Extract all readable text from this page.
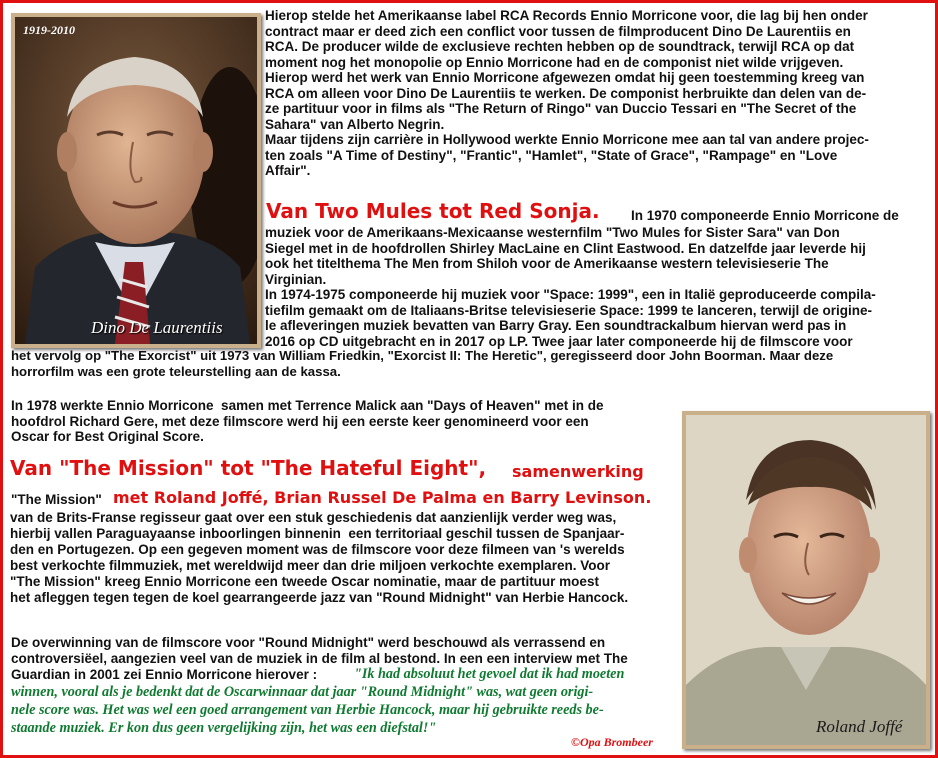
1919-2010
Dino De Laurentiis
Roland Joffé

Hierop stelde het Amerikaanse label RCA Records Ennio Morricone voor, die lag bij hen onder
contract maar er deed zich een conflict voor tussen de filmproducent Dino De Laurentiis en
RCA. De producer wilde de exclusieve rechten hebben op de soundtrack, terwijl RCA op dat
moment nog het monopolie op Ennio Morricone had en de componist niet wilde vrijgeven.
Hierop werd het werk van Ennio Morricone afgewezen omdat hij geen toestemming kreeg van
RCA om alleen voor Dino De Laurentiis te werken. De componist herbruikte dan delen van de-
ze partituur voor in films als "The Return of Ringo" van Duccio Tessari en "The Secret of the
Sahara" van Alberto Negrin.
Maar tijdens zijn carrière in Hollywood werkte Ennio Morricone mee aan tal van andere projec-
ten zoals "A Time of Destiny", "Frantic", "Hamlet", "State of Grace", "Rampage" en "Love
Affair".

Van Two Mules tot Red Sonja. In 1970 componeerde Ennio Morricone de

muziek voor de Amerikaans-Mexicaanse westernfilm "Two Mules for Sister Sara" van Don
Siegel met in de hoofdrollen Shirley MacLaine en Clint Eastwood. En datzelfde jaar leverde hij
ook het titelthema The Men from Shiloh voor de Amerikaanse western televisieserie The
Virginian.
In 1974-1975 componeerde hij muziek voor "Space: 1999", een in Italië geproduceerde compila-
tiefilm gemaakt om de Italiaans-Britse televisieserie Space: 1999 te lanceren, terwijl de origine-
le afleveringen muziek bevatten van Barry Gray. Een soundtrackalbum hiervan werd pas in
2016 op CD uitgebracht en in 2017 op LP. Twee jaar later componeerde hij de filmscore voor

het vervolg op "The Exorcist" uit 1973 van William Friedkin, "Exorcist II: The Heretic", geregisseerd door John Boorman. Maar deze
horrorfilm was een grote teleurstelling aan de kassa.

In 1978 werkte Ennio Morricone  samen met Terrence Malick aan "Days of Heaven" met in de
hoofdrol Richard Gere, met deze filmscore werd hij een eerste keer genomineerd voor een
Oscar for Best Original Score.

Van "The Mission" tot "The Hateful Eight", samenwerking

"The Mission" met Roland Joffé, Brian Russel De Palma en Barry Levinson.

van de Brits-Franse regisseur gaat over een stuk geschiedenis dat aanzienlijk verder weg was,
hierbij vallen Paraguayaanse inboorlingen binnenin  een territoriaal geschil tussen de Spanjaar-
den en Portugezen. Op een gegeven moment was de filmscore voor deze filmeen van 's werelds
best verkochte filmmuziek, met wereldwijd meer dan drie miljoen verkochte exemplaren. Voor
"The Mission" kreeg Ennio Morricone een tweede Oscar nominatie, maar de partituur moest
het afleggen tegen tegen de koel gearrangeerde jazz van "Round Midnight" van Herbie Hancock.

De overwinning van de filmscore voor "Round Midnight" werd beschouwd als verrassend en
controversiëel, aangezien veel van de muziek in de film al bestond. In een een interview met The
Guardian in 2001 zei Ennio Morricone hierover :	"Ik had absoluut het gevoel dat ik had moeten

winnen, vooral als je bedenkt dat de Oscarwinnaar dat jaar "Round Midnight" was, wat geen origi-
nele score was. Het was wel een goed arrangement van Herbie Hancock, maar hij gebruikte reeds be-
staande muziek. Er kon dus geen vergelijking zijn, het was een diefstal!"

©Opa Brombeer
